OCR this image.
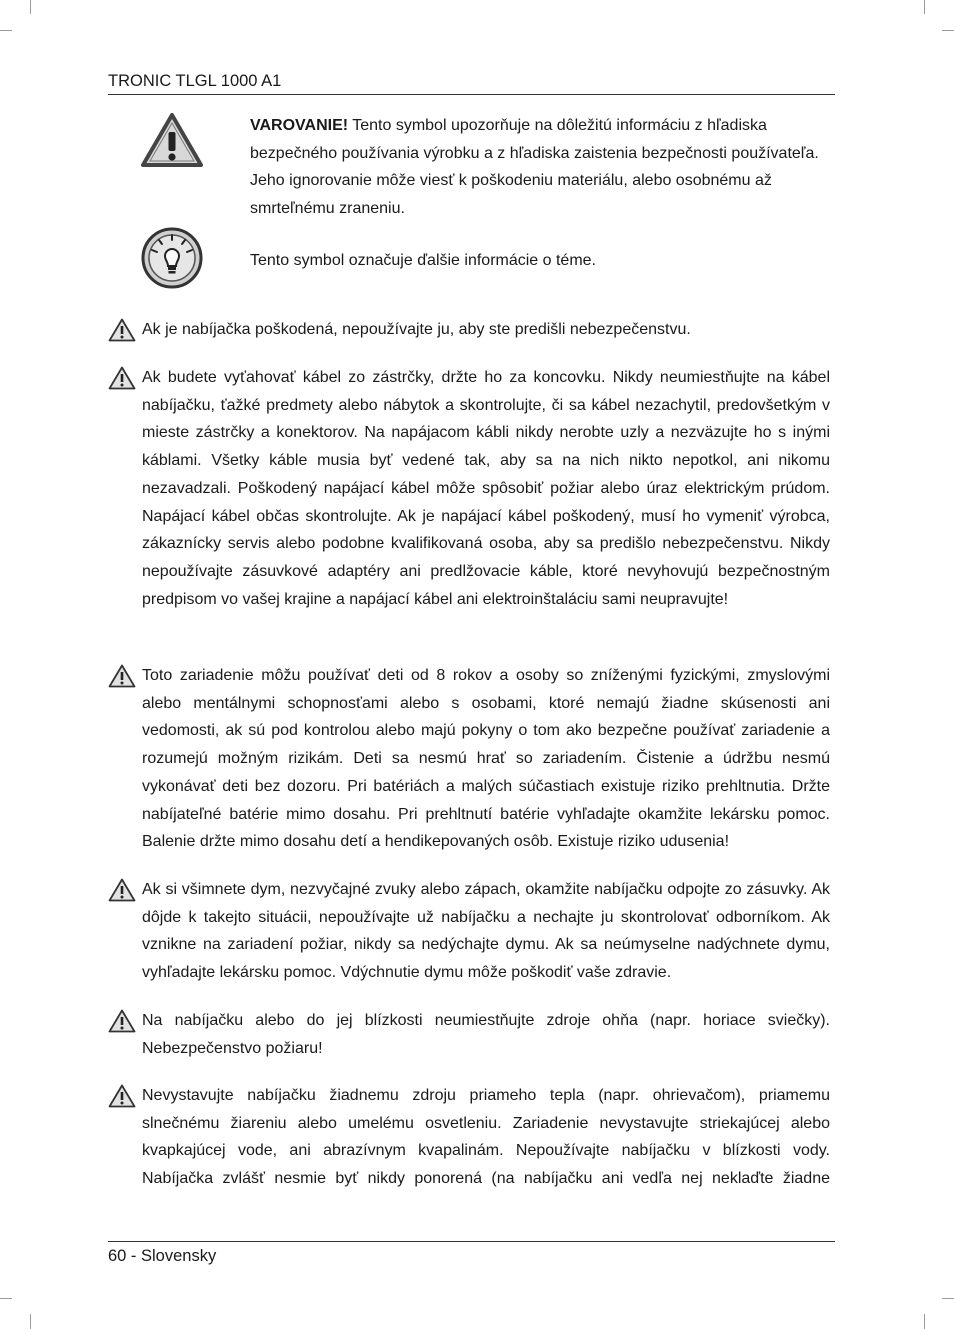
TRONIC TLGL 1000 A1
VAROVANIE! Tento symbol upozorňuje na dôležitú informáciu z hľadiska bezpečného používania výrobku a z hľadiska zaistenia bezpečnosti používateľa. Jeho ignorovanie môže viesť k poškodeniu materiálu, alebo osobnému až smrteľnému zraneniu.
Tento symbol označuje ďalšie informácie o téme.
Ak je nabíjačka poškodená, nepoužívajte ju, aby ste predišli nebezpečenstvu.
Ak budete vyťahovať kábel zo zástrčky, držte ho za koncovku. Nikdy neumiestňujte na kábel nabíjačku, ťažké predmety alebo nábytok a skontrolujte, či sa kábel nezachytil, predovšetkým v mieste zástrčky a konektorov. Na napájacom kábli nikdy nerobte uzly a nezväzujte ho s inými káblami. Všetky káble musia byť vedené tak, aby sa na nich nikto nepotkol, ani nikomu nezavadzali. Poškodený napájací kábel môže spôsobiť požiar alebo úraz elektrickým prúdom. Napájací kábel občas skontrolujte. Ak je napájací kábel poškodený, musí ho vymeniť výrobca, zákaznícky servis alebo podobne kvalifikovaná osoba, aby sa predišlo nebezpečenstvu. Nikdy nepoužívajte zásuvkové adaptéry ani predlžovacie káble, ktoré nevyhovujú bezpečnostným predpisom vo vašej krajine a napájací kábel ani elektroinštaláciu sami neupravujte!
Toto zariadenie môžu používať deti od 8 rokov a osoby so zníženými fyzickými, zmyslovými alebo mentálnymi schopnosťami alebo s osobami, ktoré nemajú žiadne skúsenosti ani vedomosti, ak sú pod kontrolou alebo majú pokyny o tom ako bezpečne používať zariadenie a rozumejú možným rizikám. Deti sa nesmú hrať so zariadením. Čistenie a údržbu nesmú vykonávať deti bez dozoru. Pri batériách a malých súčastiach existuje riziko prehltnutia. Držte nabíjateľné batérie mimo dosahu. Pri prehltnutí batérie vyhľadajte okamžite lekársku pomoc. Balenie držte mimo dosahu detí a hendikepovaných osôb. Existuje riziko udusenia!
Ak si všimnete dym, nezvyčajné zvuky alebo zápach, okamžite nabíjačku odpojte zo zásuvky. Ak dôjde k takejto situácii, nepoužívajte už nabíjačku a nechajte ju skontrolovať odborníkom. Ak vznikne na zariadení požiar, nikdy sa nedýchajte dymu. Ak sa neúmyselne nadýchnete dymu, vyhľadajte lekársku pomoc. Vdýchnutie dymu môže poškodiť vaše zdravie.
Na nabíjačku alebo do jej blízkosti neumiestňujte zdroje ohňa (napr. horiace sviečky). Nebezpečenstvo požiaru!
Nevystavujte nabíjačku žiadnemu zdroju priameho tepla (napr. ohrievačom), priamemu slnečnému žiareniu alebo umelému osvetleniu. Zariadenie nevystavujte striekajúcej alebo kvapkajúcej vode, ani abrazívnym kvapalinám. Nepoužívajte nabíjačku v blízkosti vody. Nabíjačka zvlášť nesmie byť nikdy ponorená (na nabíjačku ani vedľa nej neklaďte žiadne
60 - Slovensky
